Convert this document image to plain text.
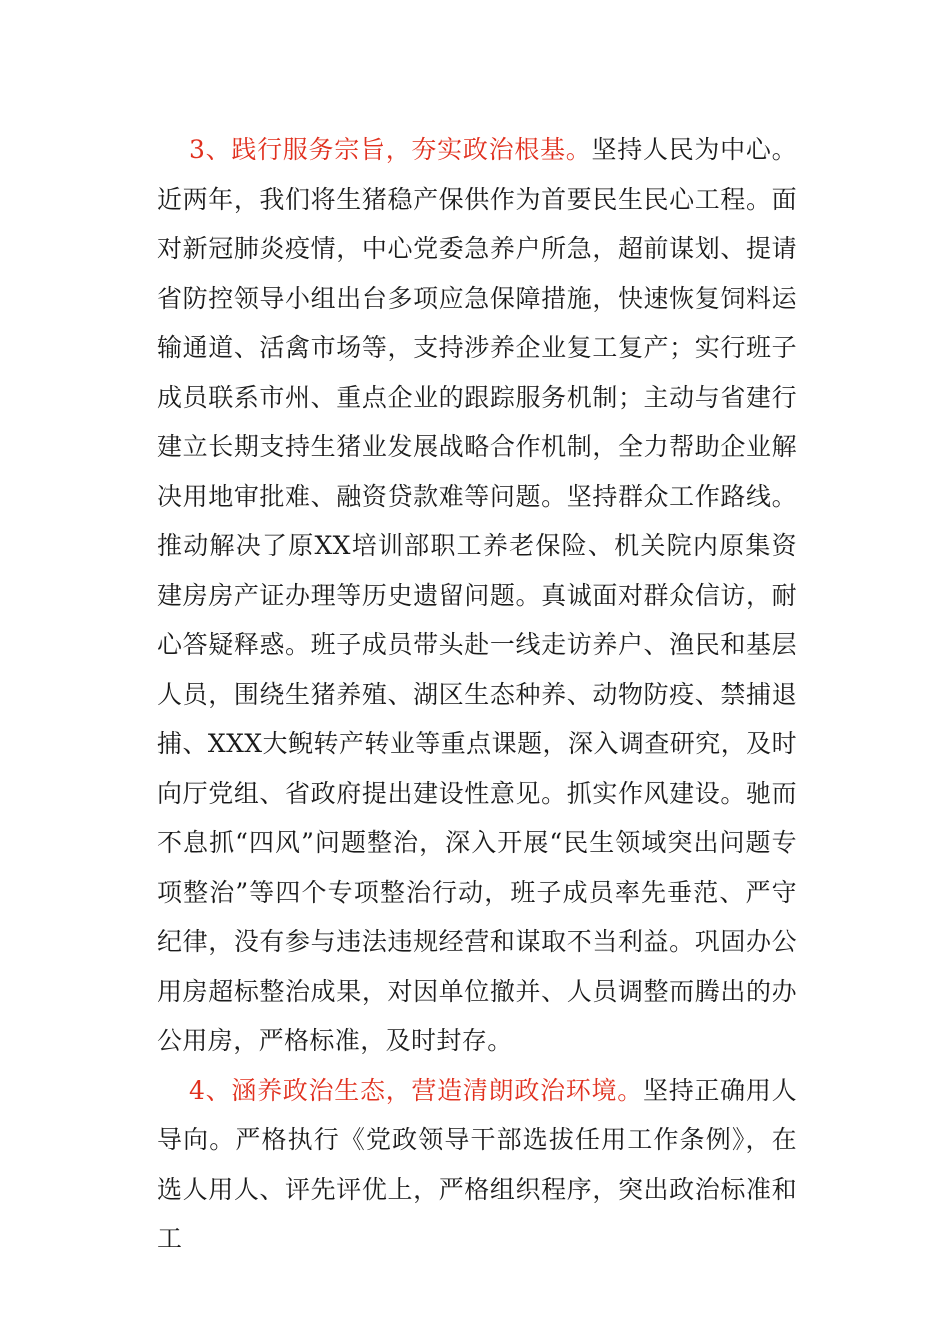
3、践行服务宗旨，夯实政治根基。坚持人民为中心。近两年，我们将生猪稳产保供作为首要民生民心工程。面对新冠肺炎疫情，中心党委急养户所急，超前谋划、提请省防控领导小组出台多项应急保障措施，快速恢复饲料运输通道、活禽市场等，支持涉养企业复工复产；实行班子成员联系市州、重点企业的跟踪服务机制；主动与省建行建立长期支持生猪业发展战略合作机制，全力帮助企业解决用地审批难、融资贷款难等问题。坚持群众工作路线。推动解决了原XX培训部职工养老保险、机关院内原集资建房房产证办理等历史遗留问题。真诚面对群众信访，耐心答疑释惑。班子成员带头赴一线走访养户、渔民和基层人员，围绕生猪养殖、湖区生态种养、动物防疫、禁捕退捕、XXX大鲵转产转业等重点课题，深入调查研究，及时向厅党组、省政府提出建设性意见。抓实作风建设。驰而不息抓“四风”问题整治，深入开展“民生领域突出问题专项整治”等四个专项整治行动，班子成员率先垂范、严守纪律，没有参与违法违规经营和谋取不当利益。巩固办公用房超标整治成果，对因单位撤并、人员调整而腾出的办公用房，严格标准，及时封存。

4、涵养政治生态，营造清朗政治环境。坚持正确用人导向。严格执行《党政领导干部选拔任用工作条例》，在选人用人、评先评优上，严格组织程序，突出政治标准和工
